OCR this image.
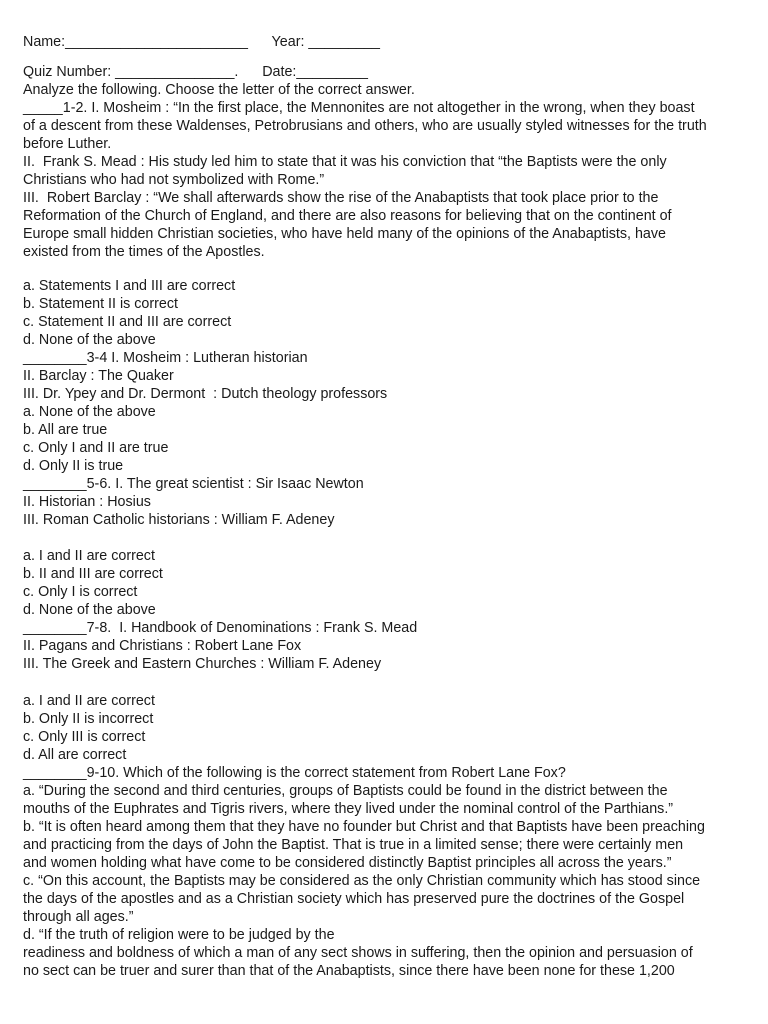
Name:_______________________      Year: _________
Quiz Number: _______________.      Date:_________
Analyze the following. Choose the letter of the correct answer.
_____1-2. I. Mosheim : “In the first place, the Mennonites are not altogether in the wrong, when they boast
of a descent from these Waldenses, Petrobrusians and others, who are usually styled witnesses for the truth
before Luther.
II.  Frank S. Mead : His study led him to state that it was his conviction that “the Baptists were the only
Christians who had not symbolized with Rome.”
III.  Robert Barclay : “We shall afterwards show the rise of the Anabaptists that took place prior to the
Reformation of the Church of England, and there are also reasons for believing that on the continent of
Europe small hidden Christian societies, who have held many of the opinions of the Anabaptists, have
existed from the times of the Apostles.
a. Statements I and III are correct
b. Statement II is correct
c. Statement II and III are correct
d. None of the above
________3-4 I. Mosheim : Lutheran historian
II. Barclay : The Quaker
III. Dr. Ypey and Dr. Dermont  : Dutch theology professors
a. None of the above
b. All are true
c. Only I and II are true
d. Only II is true
________5-6. I. The great scientist : Sir Isaac Newton
II. Historian : Hosius
III. Roman Catholic historians : William F. Adeney
a. I and II are correct
b. II and III are correct
c. Only I is correct
d. None of the above
________7-8.  I. Handbook of Denominations : Frank S. Mead
II. Pagans and Christians : Robert Lane Fox
III. The Greek and Eastern Churches : William F. Adeney
a. I and II are correct
b. Only II is incorrect
c. Only III is correct
d. All are correct
________9-10. Which of the following is the correct statement from Robert Lane Fox?
a. “During the second and third centuries, groups of Baptists could be found in the district between the
mouths of the Euphrates and Tigris rivers, where they lived under the nominal control of the Parthians.”
b. “It is often heard among them that they have no founder but Christ and that Baptists have been preaching
and practicing from the days of John the Baptist. That is true in a limited sense; there were certainly men
and women holding what have come to be considered distinctly Baptist principles all across the years.”
c. “On this account, the Baptists may be considered as the only Christian community which has stood since
the days of the apostles and as a Christian society which has preserved pure the doctrines of the Gospel
through all ages.”
d. “If the truth of religion were to be judged by the
readiness and boldness of which a man of any sect shows in suffering, then the opinion and persuasion of
no sect can be truer and surer than that of the Anabaptists, since there have been none for these 1,200
